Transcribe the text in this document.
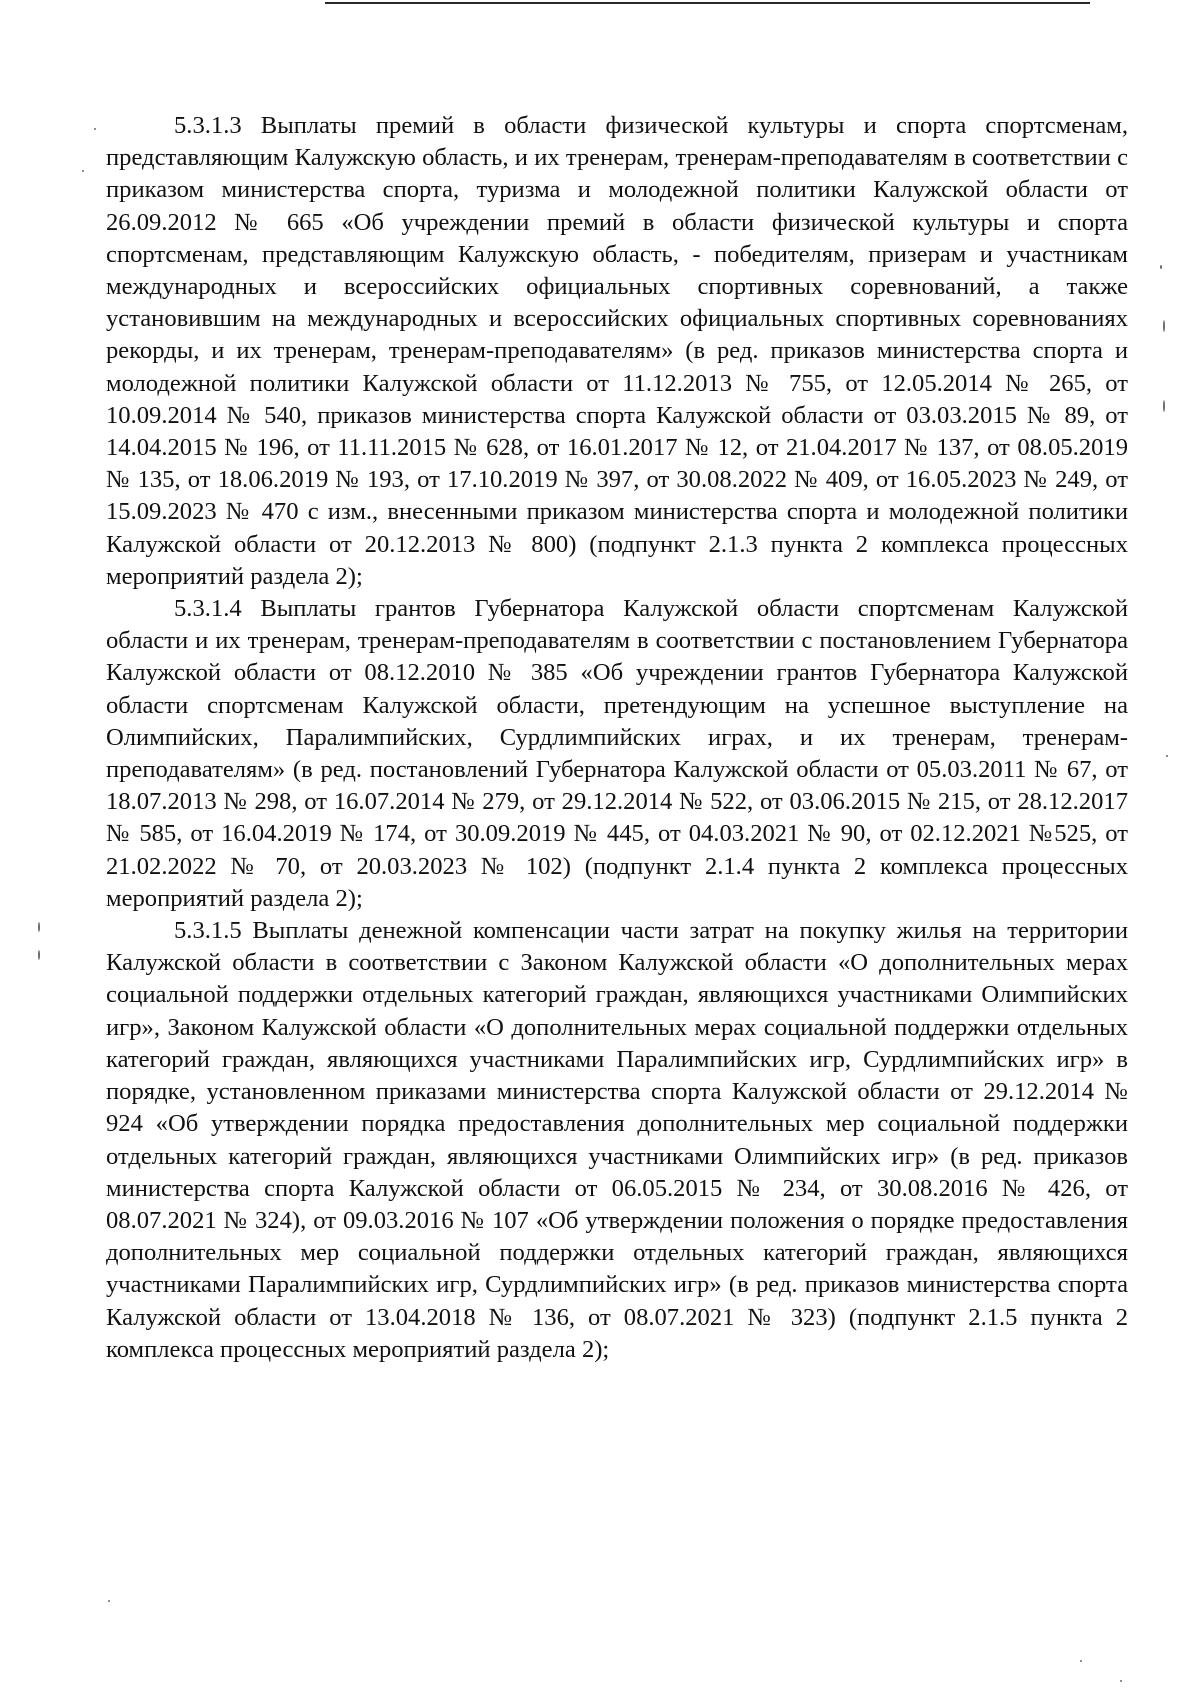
5.3.1.3 Выплаты премий в области физической культуры и спорта спортсменам, представляющим Калужскую область, и их тренерам, тренерам-преподавателям в соответствии с приказом министерства спорта, туризма и молодежной политики Калужской области от 26.09.2012 № 665 «Об учреждении премий в области физической культуры и спорта спортсменам, представляющим Калужскую область, - победителям, призерам и участникам международных и всероссийских официальных спортивных соревнований, а также установившим на международных и всероссийских официальных спортивных соревнованиях рекорды, и их тренерам, тренерам-преподавателям» (в ред. приказов министерства спорта и молодежной политики Калужской области от 11.12.2013 № 755, от 12.05.2014 № 265, от 10.09.2014 № 540, приказов министерства спорта Калужской области от 03.03.2015 № 89, от 14.04.2015 № 196, от 11.11.2015 № 628, от 16.01.2017 № 12, от 21.04.2017 № 137, от 08.05.2019 № 135, от 18.06.2019 № 193, от 17.10.2019 № 397, от 30.08.2022 № 409, от 16.05.2023 № 249, от 15.09.2023 № 470 с изм., внесенными приказом министерства спорта и молодежной политики Калужской области от 20.12.2013 № 800) (подпункт 2.1.3 пункта 2 комплекса процессных мероприятий раздела 2);

5.3.1.4 Выплаты грантов Губернатора Калужской области спортсменам Калужской области и их тренерам, тренерам-преподавателям в соответствии с постановлением Губернатора Калужской области от 08.12.2010 № 385 «Об учреждении грантов Губернатора Калужской области спортсменам Калужской области, претендующим на успешное выступление на Олимпийских, Паралимпийских, Сурдлимпийских играх, и их тренерам, тренерам-преподавателям» (в ред. постановлений Губернатора Калужской области от 05.03.2011 № 67, от 18.07.2013 № 298, от 16.07.2014 № 279, от 29.12.2014 № 522, от 03.06.2015 № 215, от 28.12.2017 № 585, от 16.04.2019 № 174, от 30.09.2019 № 445, от 04.03.2021 № 90, от 02.12.2021 №525, от 21.02.2022 № 70, от 20.03.2023 № 102) (подпункт 2.1.4 пункта 2 комплекса процессных мероприятий раздела 2);

5.3.1.5 Выплаты денежной компенсации части затрат на покупку жилья на территории Калужской области в соответствии с Законом Калужской области «О дополнительных мерах социальной поддержки отдельных категорий граждан, являющихся участниками Олимпийских игр», Законом Калужской области «О дополнительных мерах социальной поддержки отдельных категорий граждан, являющихся участниками Паралимпийских игр, Сурдлимпийских игр» в порядке, установленном приказами министерства спорта Калужской области от 29.12.2014 № 924 «Об утверждении порядка предоставления дополнительных мер социальной поддержки отдельных категорий граждан, являющихся участниками Олимпийских игр» (в ред. приказов министерства спорта Калужской области от 06.05.2015 № 234, от 30.08.2016 № 426, от 08.07.2021 № 324), от 09.03.2016 № 107 «Об утверждении положения о порядке предоставления дополнительных мер социальной поддержки отдельных категорий граждан, являющихся участниками Паралимпийских игр, Сурдлимпийских игр» (в ред. приказов министерства спорта Калужской области от 13.04.2018 № 136, от 08.07.2021 № 323) (подпункт 2.1.5 пункта 2 комплекса процессных мероприятий раздела 2);
